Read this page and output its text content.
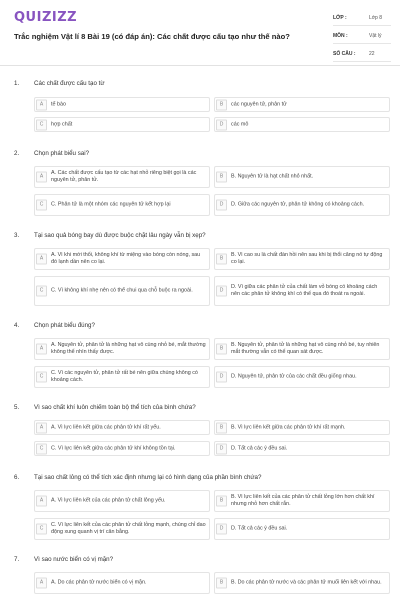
QUIZIZZ
Trắc nghiệm Vật lí 8 Bài 19 (có đáp án): Các chất được cấu tạo như thế nào?
LỚP :	Lớp 8
MÔN :	Vật lý
SỐ CÂU :	22
1. Các chất được cấu tạo từ
A	tế bào	B	các nguyên tử, phân tử
C	hợp chất	D	các mô
2. Chọn phát biểu sai?
A
A. Các chất được cấu tạo từ các hạt nhỏ riêng biệt gọi là các nguyên tử, phân tử.
B	B. Nguyên tử là hạt chất nhỏ nhất.
C	C. Phân tử là một nhóm các nguyên tử kết hợp lại	D	D. Giữa các nguyên tử, phân tử không có khoảng cách.
3. Tại sao quả bóng bay dù được buộc chặt lâu ngày vẫn bị xẹp?
A
A. Vì khi mới thổi, không khí từ miệng vào bóng còn nóng, sau đó lạnh dần nên co lại.
B
B. Vì cao su là chất đàn hồi nên sau khi bị thổi căng nó tự động co lại.
C	C. Vì không khí nhẹ nên có thể chui qua chỗ buộc ra ngoài.	D
D. Vì giữa các phân tử của chất làm vỏ bóng có khoảng cách nên các phân tử không khí có thể qua đó thoát ra ngoài.
4. Chọn phát biểu đúng?
A
A. Nguyên tử, phân tử là những hạt vô cùng nhỏ bé, mắt thường không thể nhìn thấy được.
B
B. Nguyên tử, phân tử là những hạt vô cùng nhỏ bé, tuy nhiên mắt thường vẫn có thể quan sát được.
C
C. Vì các nguyên tử, phân tử rất bé nên giữa chúng không có khoảng cách.
D	D. Nguyên tử, phân tử của các chất đều giống nhau.
5. Vì sao chất khí luôn chiếm toàn bộ thể tích của bình chứa?
A	A. Vì lực liên kết giữa các phân tử khí rất yếu.	B	B. Vì lực liên kết giữa các phân tử khí rất mạnh.
C	C. Vì lực liên kết giữa các phân tử khí không tồn tại.	D	D. Tất cả các ý đều sai.
6. Tại sao chất lỏng có thể tích xác định nhưng lại có hình dạng của phần bình chứa?
A	A. Vì lực liên kết của các phân tử chất lỏng yếu.	B
B. Vì lực liên kết của các phân tử chất lỏng lớn hơn chất khí nhưng nhỏ hơn chất rắn.
C
C. Vì lực liên kết của các phân tử chất lỏng mạnh, chúng chỉ dao động xung quanh vị trí cân bằng.
D	D. Tất cả các ý đều sai.
7. Vì sao nước biển có vị mặn?
A	A. Do các phân tử nước biển có vị mặn.	B	B. Do các phân tử nước và các phân tử muối liên kết với nhau.
